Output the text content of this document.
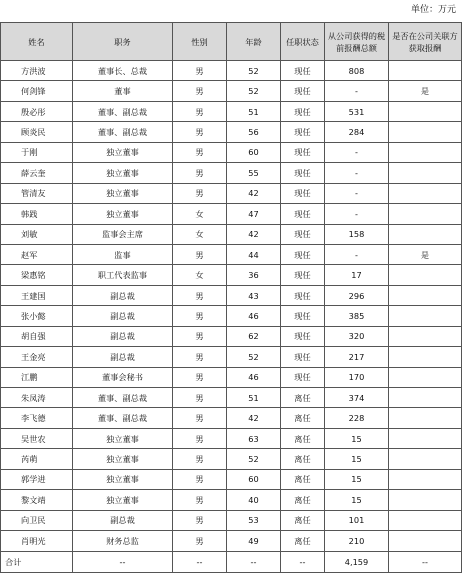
单位：万元
姓名	职务	性别	年龄	任职状态	从公司获得的税前报酬总额	是否在公司关联方获取报酬
方洪波	董事长、总裁	男	52	现任	808	
何剑锋	董事	男	52	现任	-	是
殷必彤	董事、副总裁	男	51	现任	531	
顾炎民	董事、副总裁	男	56	现任	284	
于刚	独立董事	男	60	现任	-	
薛云奎	独立董事	男	55	现任	-	
管清友	独立董事	男	42	现任	-	
韩践	独立董事	女	47	现任	-	
刘敏	监事会主席	女	42	现任	158	
赵军	监事	男	44	现任	-	是
梁惠铭	职工代表监事	女	36	现任	17	
王建国	副总裁	男	43	现任	296	
张小懿	副总裁	男	46	现任	385	
胡自强	副总裁	男	62	现任	320	
王金亮	副总裁	男	52	现任	217	
江鹏	董事会秘书	男	46	现任	170	
朱凤涛	董事、副总裁	男	51	离任	374	
李飞德	董事、副总裁	男	42	离任	228	
吴世农	独立董事	男	63	离任	15	
芮萌	独立董事	男	52	离任	15	
郭学进	独立董事	男	60	离任	15	
黎文靖	独立董事	男	40	离任	15	
向卫民	副总裁	男	53	离任	101	
肖明光	财务总监	男	49	离任	210	
合计	--	--	--	--	4,159	--
